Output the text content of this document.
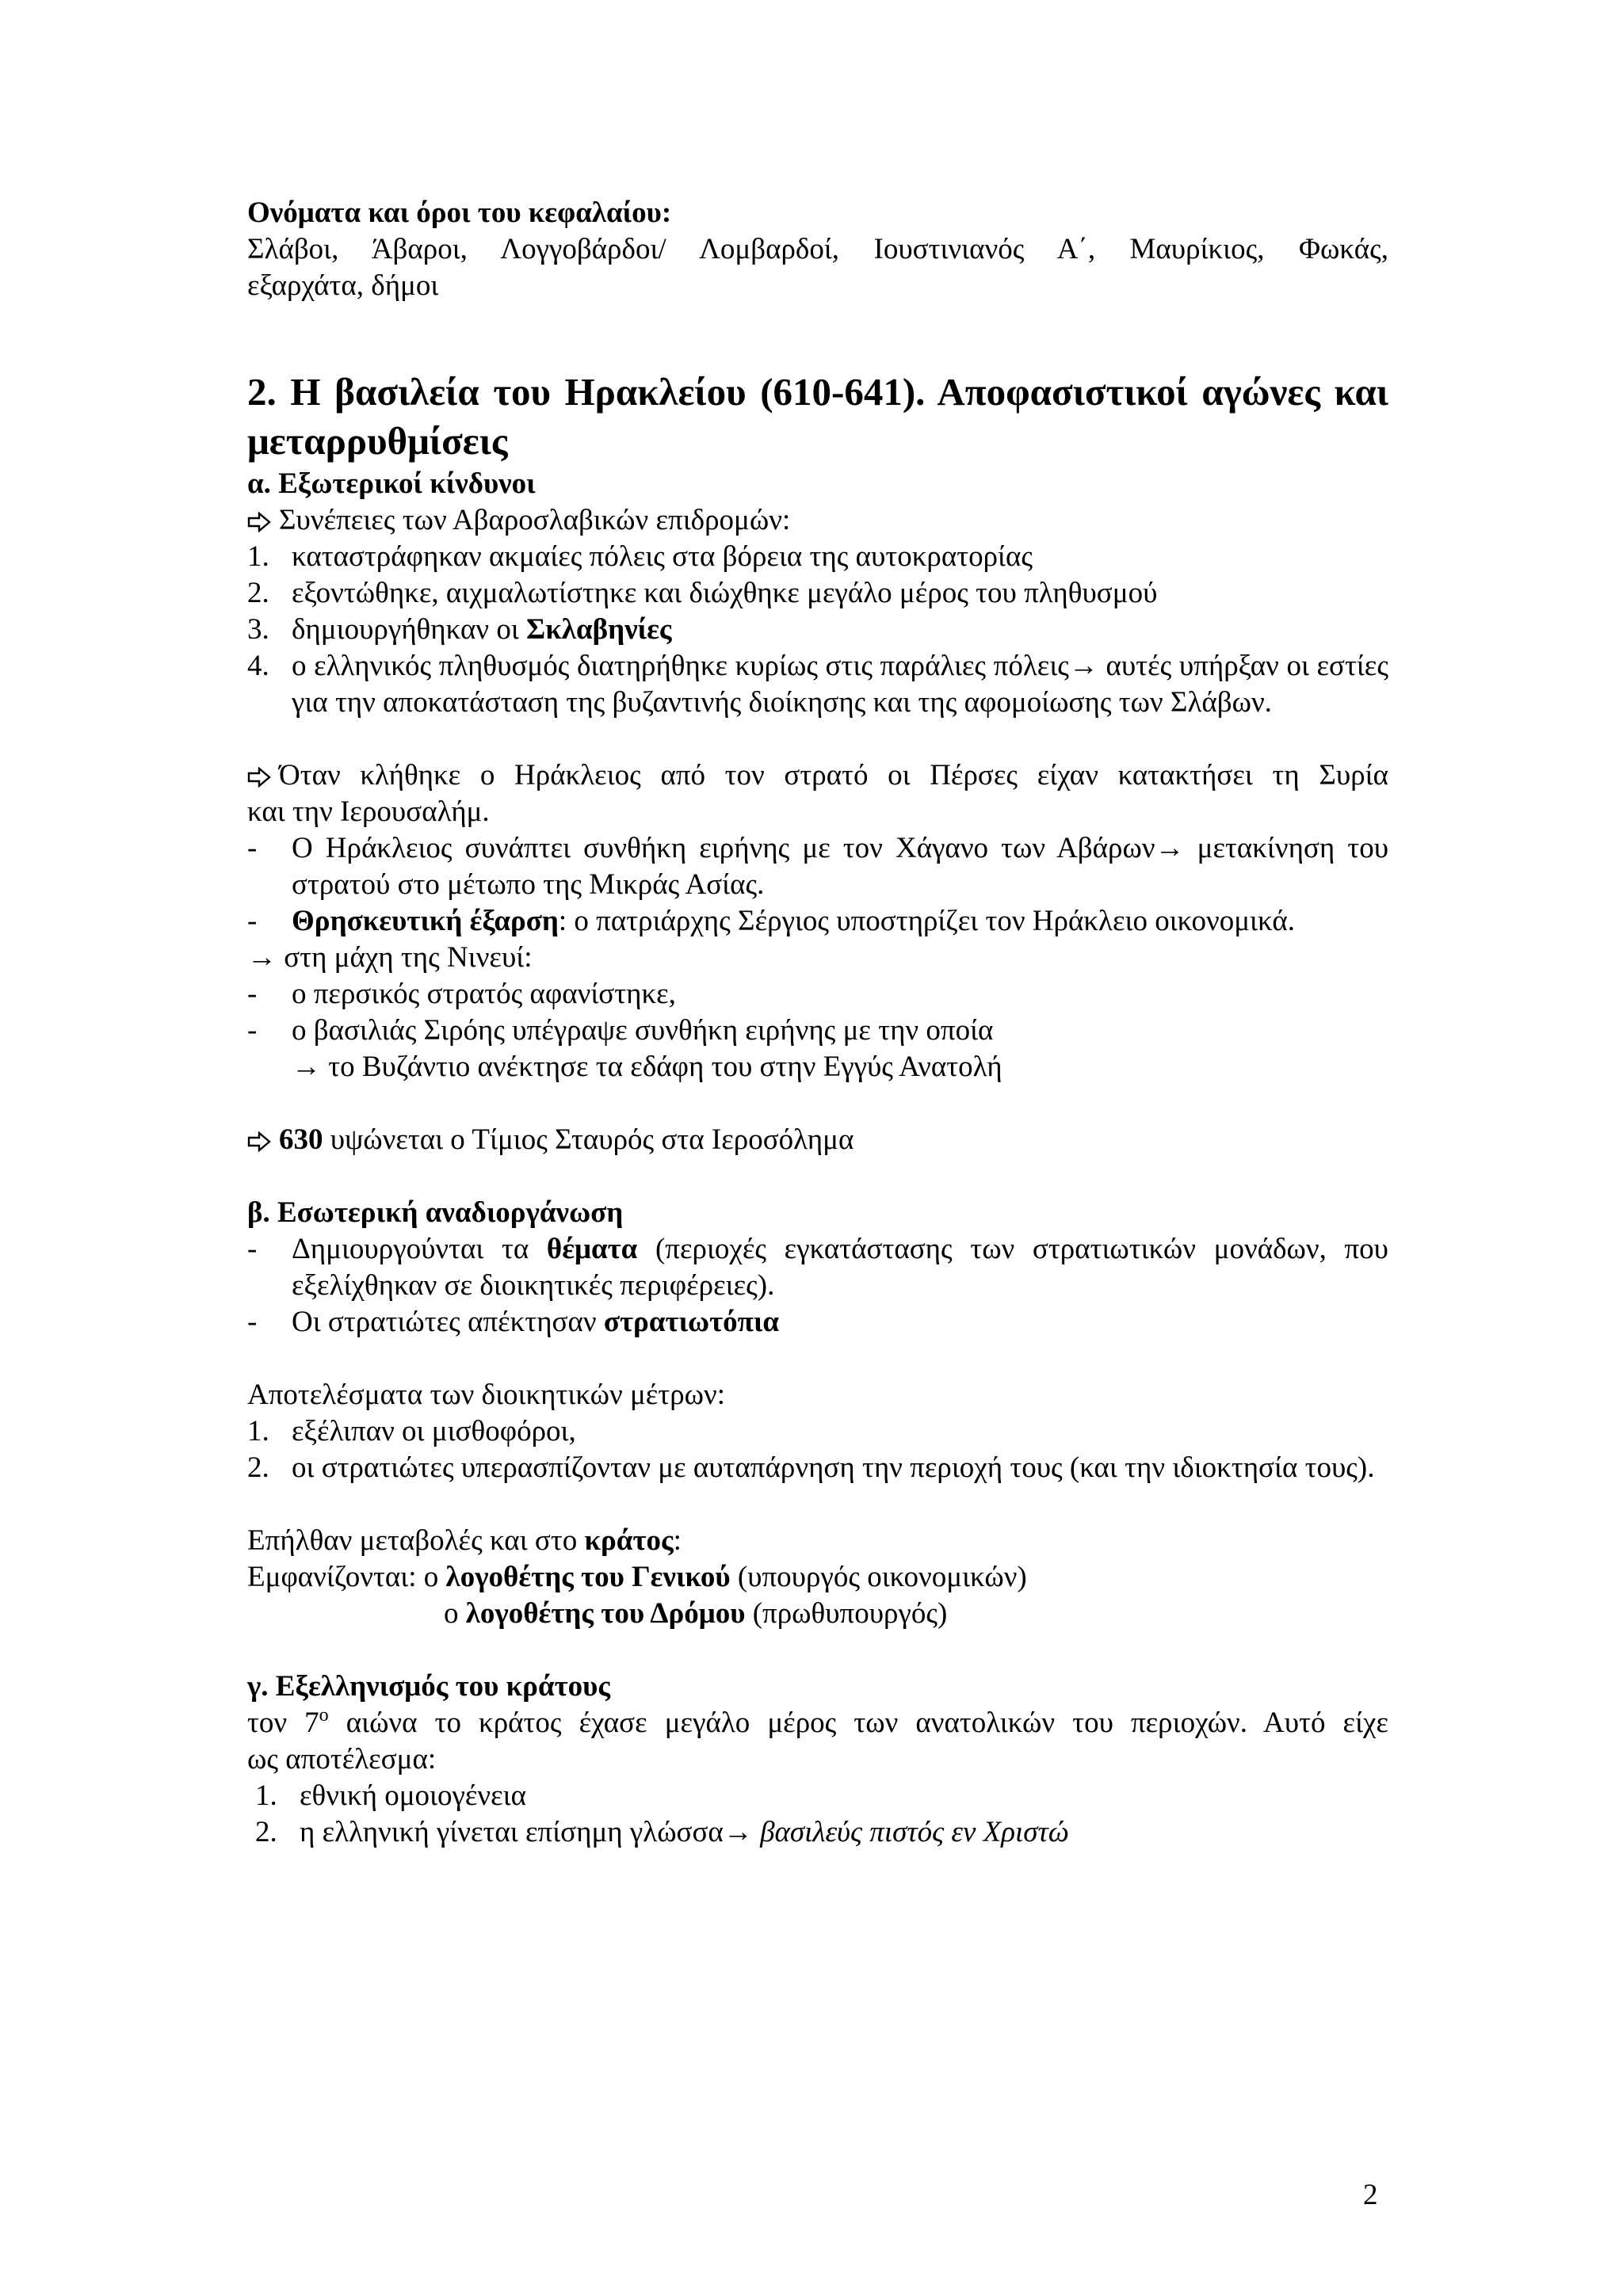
Ονόματα και όροι του κεφαλαίου:
Σλάβοι, Άβαροι, Λογγοβάρδοι/ Λομβαρδοί, Ιουστινιανός Α΄, Μαυρίκιος, Φωκάς,
εξαρχάτα, δήμοι
2. Η βασιλεία του Ηρακλείου (610-641). Αποφασιστικοί αγώνες και
μεταρρυθμίσεις
α. Εξωτερικοί κίνδυνοι
Συνέπειες των Αβαροσλαβικών επιδρομών:
1. καταστράφηκαν ακμαίες πόλεις στα βόρεια της αυτοκρατορίας
2. εξοντώθηκε, αιχμαλωτίστηκε και διώχθηκε μεγάλο μέρος του πληθυσμού
3. δημιουργήθηκαν οι Σκλαβηνίες
4. ο ελληνικός πληθυσμός διατηρήθηκε κυρίως στις παράλιες πόλεις→ αυτές υπήρξαν οι εστίες για την αποκατάσταση της βυζαντινής διοίκησης και της αφομοίωσης των Σλάβων.
Όταν κλήθηκε ο Ηράκλειος από τον στρατό οι Πέρσες είχαν κατακτήσει τη Συρία
και την Ιερουσαλήμ.
-	Ο Ηράκλειος συνάπτει συνθήκη ειρήνης με τον Χάγανο των Αβάρων→ μετακίνηση του στρατού στο μέτωπο της Μικράς Ασίας.
-	Θρησκευτική έξαρση: ο πατριάρχης Σέργιος υποστηρίζει τον Ηράκλειο οικονομικά.
→ στη μάχη της Νινευί:
-	ο περσικός στρατός αφανίστηκε,
-	ο βασιλιάς Σιρόης υπέγραψε συνθήκη ειρήνης με την οποία
→ το Βυζάντιο ανέκτησε τα εδάφη του στην Εγγύς Ανατολή
630 υψώνεται ο Τίμιος Σταυρός στα Ιεροσόλημα
β. Εσωτερική αναδιοργάνωση
-	Δημιουργούνται τα θέματα (περιοχές εγκατάστασης των στρατιωτικών μονάδων, που εξελίχθηκαν σε διοικητικές περιφέρειες).
-	Οι στρατιώτες απέκτησαν στρατιωτόπια
Αποτελέσματα των διοικητικών μέτρων:
1. εξέλιπαν οι μισθοφόροι,
2. οι στρατιώτες υπερασπίζονταν με αυταπάρνηση την περιοχή τους (και την ιδιοκτησία τους).
Επήλθαν μεταβολές και στο κράτος:
Εμφανίζονται: ο λογοθέτης του Γενικού (υπουργός οικονομικών)
ο λογοθέτης του Δρόμου (πρωθυπουργός)
γ. Εξελληνισμός του κράτους
τον $7^o$ αιώνα το κράτος έχασε μεγάλο μέρος των ανατολικών του περιοχών. Αυτό είχε
ως αποτέλεσμα:
1. εθνική ομοιογένεια
2. η ελληνική γίνεται επίσημη γλώσσα→ βασιλεύς πιστός εν Χριστώ
2
